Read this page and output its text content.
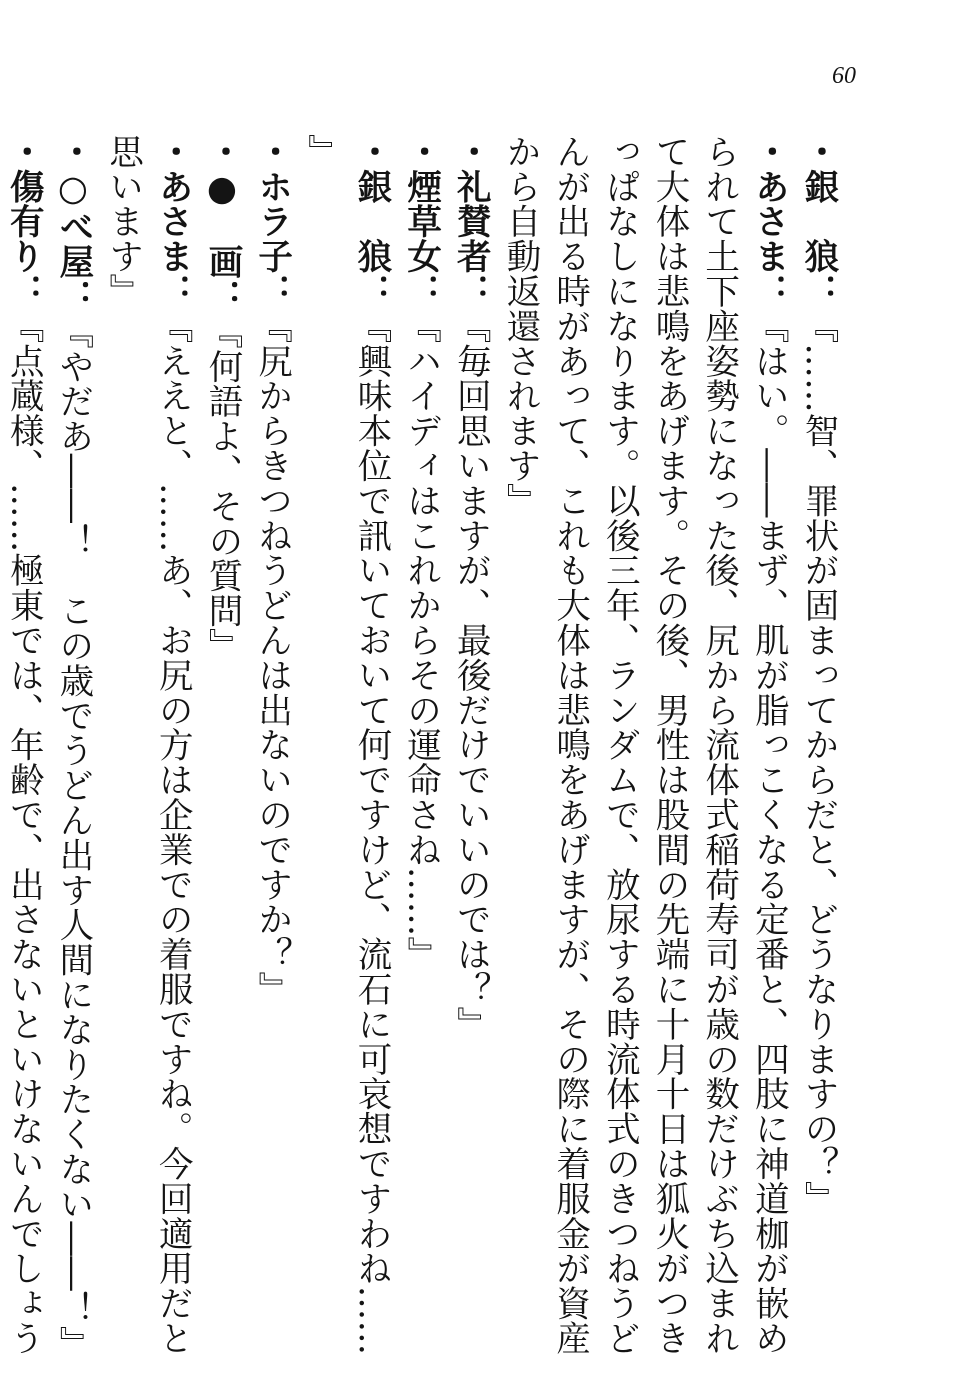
60

・銀　狼：『……智、罪状が固まってからだと、どうなりますの？』

・あさま：『はい。――まず、肌が脂っこくなる定番と、四肢に神道枷が嵌められて土下座姿勢になった後、尻から流体式稲荷寿司が歳の数だけぶち込まれて大体は悲鳴をあげます。その後、男性は股間の先端に十月十日は狐火がつきっぱなしになります。以後三年、ランダムで、放尿する時流体式のきつねうどんが出る時があって、これも大体は悲鳴をあげますが、その際に着服金が資産から自動返還されます』

・礼賛者：『毎回思いますが、最後だけでいいのでは？』

・煙草女：『ハイディはこれからその運命さね……』

・銀　狼：『興味本位で訊いておいて何ですけど、流石に可哀想ですわね……』

・ホラ子：『尻からきつねうどんは出ないのですか？』

・●　画：『何語よ、その質問』

・あさま：『ええと、……あ、お尻の方は企業での着服ですね。今回適用だと思います』

・○べ屋：『やだあ――！　この歳でうどん出す人間になりたくない――！』

・傷有り：『点蔵様、……極東では、年齢で、出さないといけないんでしょう
